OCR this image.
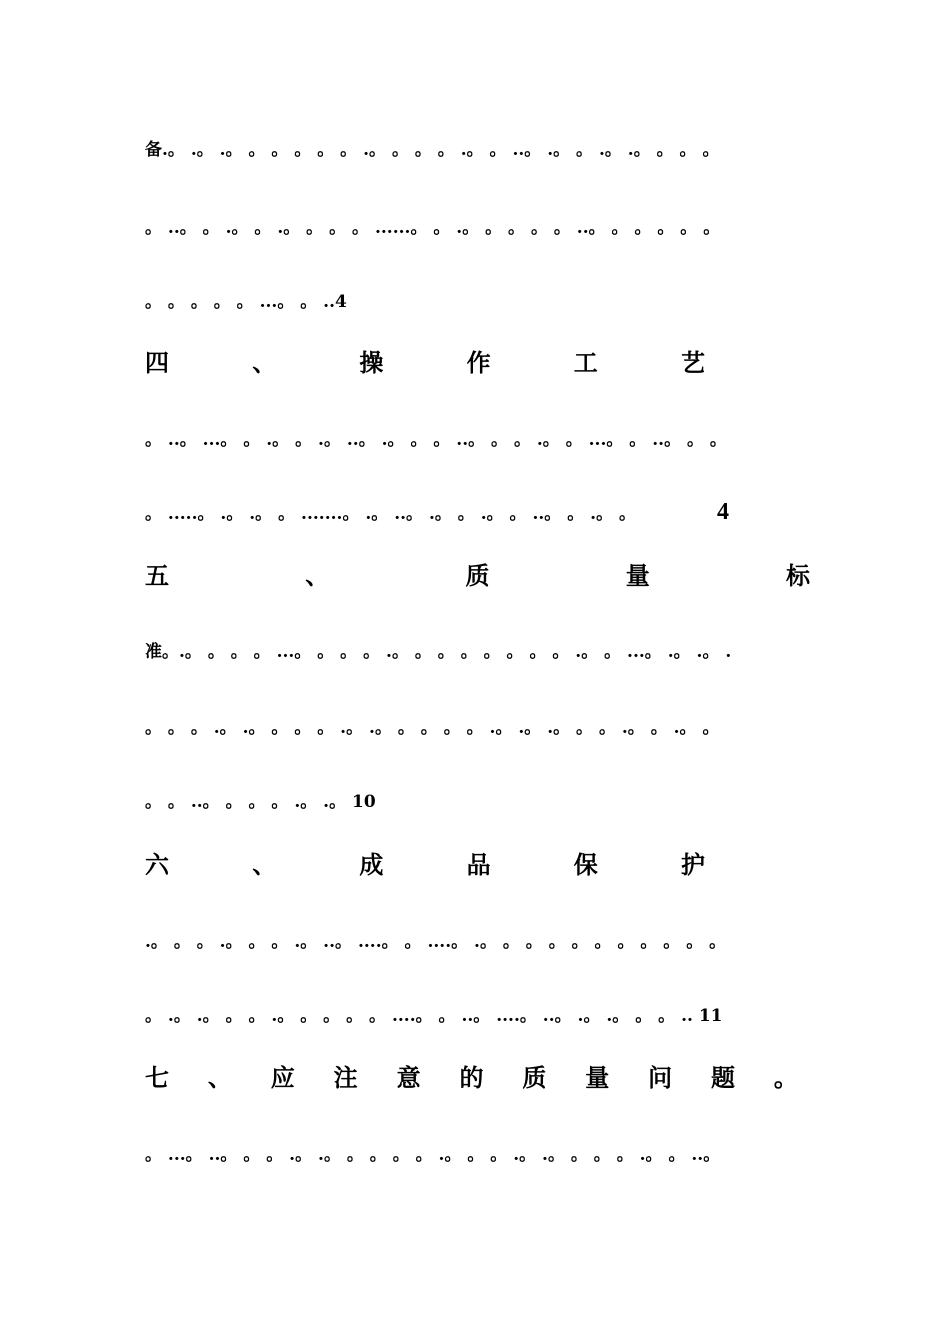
备.。 .。 .。 。 。 。 。 。 .。 。 。 。 .。 。 ..。 .。 。 .。 .。 。 。 。
。 ..。 。 .。 。 .。 。 。 。 ......。 。 .。 。 。 。 。 ..。 。 。 。 。 。
。 。 。 。 。 ...。 。 ..4
四	、	操	作	工	艺
。 ..。 ...。 。 .。 。 .。 ..。 .。 。 。 ..。 。 。 .。 。 ...。 。 ..。 。 。
。 .....。 .。 .。 。 .......。 .。 ..。 .。 。 .。 。 ..。 。 .。 。	4
五	、	质	量	标
准。.。 。 。 。 ...。 。 。 。 .。 。 。 。 。 。 。 。 .。 。 ...。 .。 .。 .
。 。 。 .。 .。 。 。 。 .。 .。 。 。 。 。 .。 .。 .。 。 。 .。 。 .。 。
。 。 ..。 。 。 。 .。 .。 10
六	、	成	品	保	护
.。 。 。 .。 。 。 .。 ..。 ....。 。 ....。 .。 。 。 。 。 。 。 。 。 。 。
。 .。 .。 。 。 .。 。 。 。 。 ....。 。 ..。 ....。 ..。 .。 .。 。 。 .. 11
七 、 应 注 意 的 质 量 问 题 。
。 ...。 ..。 。 。 .。 .。 。 。 。 。 .。 。 。 .。 .。 。 。 。 .。 。 ..。
